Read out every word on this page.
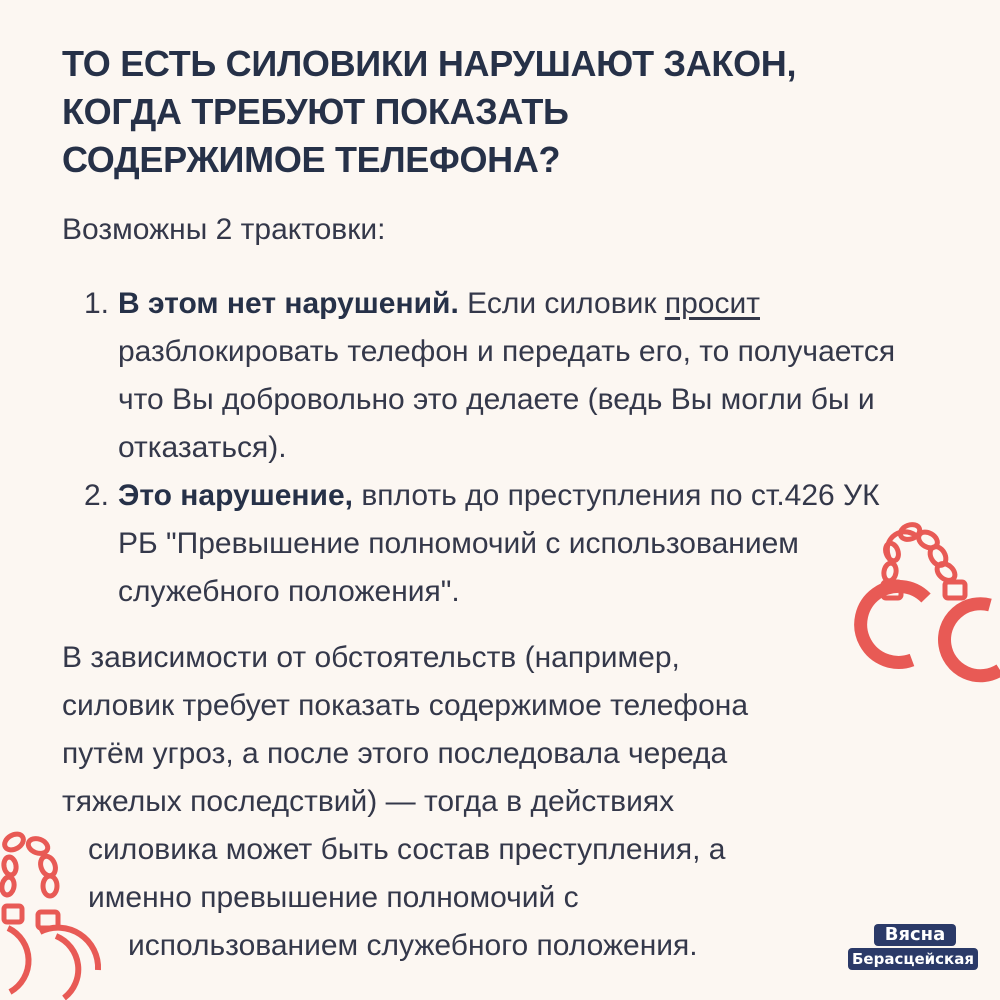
ТО ЕСТЬ СИЛОВИКИ НАРУШАЮТ ЗАКОН,
КОГДА ТРЕБУЮТ ПОКАЗАТЬ
СОДЕРЖИМОЕ ТЕЛЕФОНА?
Возможны 2 трактовки:
1. В этом нет нарушений. Если силовик просит разблокировать телефон и передать его, то получается что Вы добровольно это делаете (ведь Вы могли бы и отказаться).
2. Это нарушение, вплоть до преступления по ст.426 УК РБ "Превышение полномочий с использованием служебного положения".
В зависимости от обстоятельств (например,
силовик требует показать содержимое телефона
путём угроз, а после этого последовала череда
тяжелых последствий) — тогда в действиях
силовика может быть состав преступления, а
именно превышение полномочий с
использованием служебного положения.	Вясна
Берасцейская
